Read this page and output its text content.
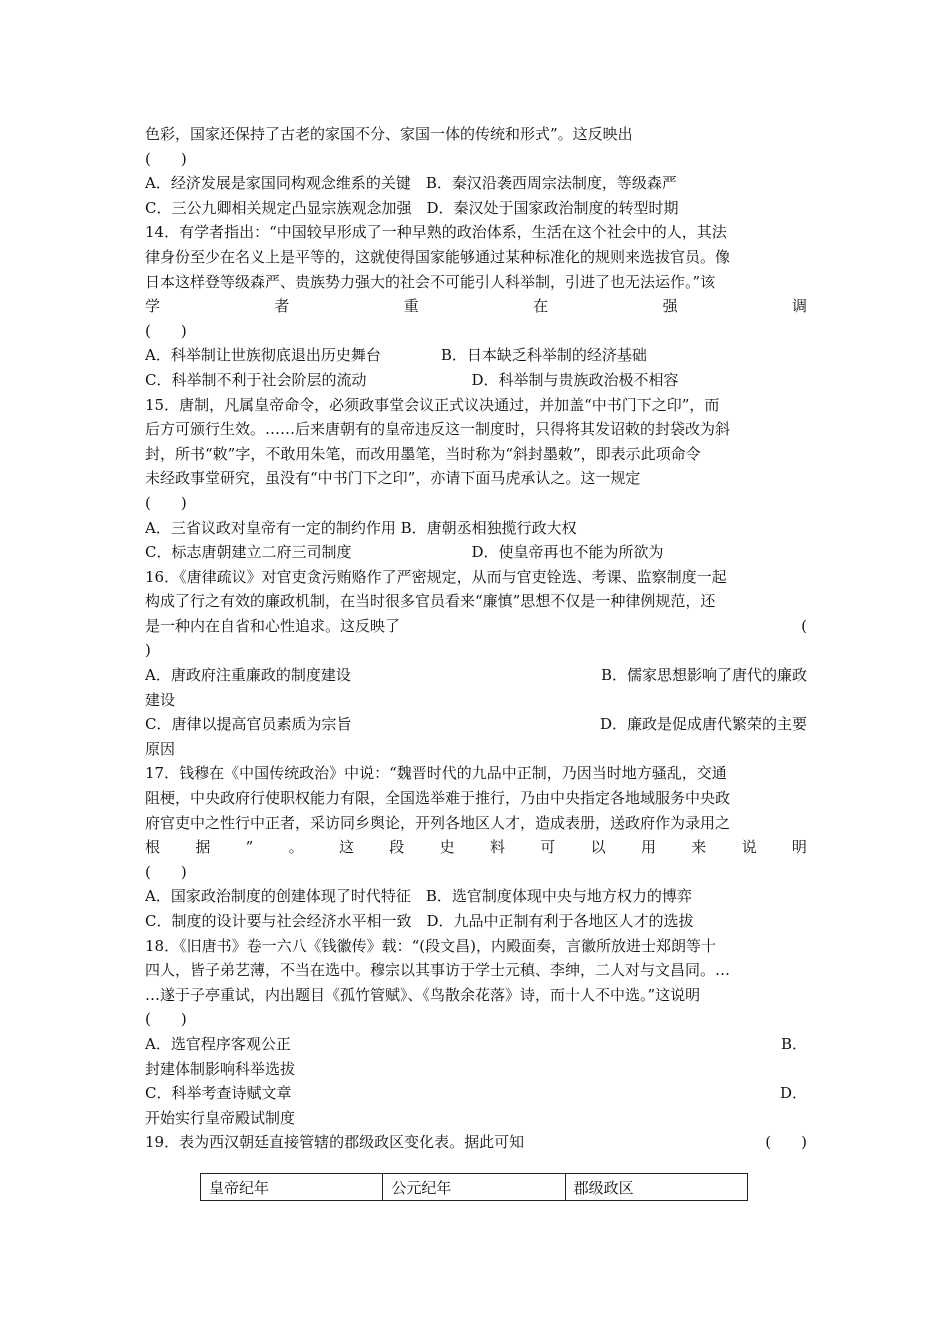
色彩，国家还保持了古老的家国不分、家国一体的传统和形式”。这反映出
(　　)
A．经济发展是家国同构观念维系的关键　B．秦汉沿袭西周宗法制度，等级森严
C．三公九卿相关规定凸显宗族观念加强　D．秦汉处于国家政治制度的转型时期
14．有学者指出：“中国较早形成了一种早熟的政治体系，生活在这个社会中的人，其法
律身份至少在名义上是平等的，这就使得国家能够通过某种标准化的规则来选拔官员。像
日本这样登等级森严、贵族势力强大的社会不可能引人科举制，引进了也无法运作。”该
学	者	重	在	强	调
(　　)
A．科举制让世族彻底退出历史舞台　　　　B．日本缺乏科举制的经济基础
C．科举制不利于社会阶层的流动　　　　　　　D．科举制与贵族政治极不相容
15．唐制，凡属皇帝命令，必须政事堂会议正式议决通过，并加盖“中书门下之印”，而
后方可颁行生效。……后来唐朝有的皇帝违反这一制度时，只得将其发诏敕的封袋改为斜
封，所书“敕”字，不敢用朱笔，而改用墨笔，当时称为“斜封墨敕”，即表示此项命令
未经政事堂研究，虽没有“中书门下之印”，亦请下面马虎承认之。这一规定
(　　)
A．三省议政对皇帝有一定的制约作用 B．唐朝丞相独揽行政大权
C．标志唐朝建立二府三司制度　　　　　　　　D．使皇帝再也不能为所欲为
16．《唐律疏议》对官吏贪污贿赂作了严密规定，从而与官吏铨选、考课、监察制度一起
构成了行之有效的廉政机制，在当时很多官员看来“廉慎”思想不仅是一种律例规范，还
是一种内在自省和心性追求。这反映了	(
)
A．唐政府注重廉政的制度建设	B．儒家思想影响了唐代的廉政
建设
C．唐律以提高官员素质为宗旨	D．廉政是促成唐代繁荣的主要
原因
17．钱穆在《中国传统政治》中说：“魏晋时代的九品中正制，乃因当时地方骚乱，交通
阻梗，中央政府行使职权能力有限，全国选举难于推行，乃由中央指定各地域服务中央政
府官吏中之性行中正者，采访同乡舆论，开列各地区人才，造成表册，送政府作为录用之
根 据 ” 。 这 段 史 料 可 以 用 来 说 明
(　　)
A．国家政治制度的创建体现了时代特征　B．选官制度体现中央与地方权力的博弈
C．制度的设计要与社会经济水平相一致　D．九品中正制有利于各地区人才的选拔
18．《旧唐书》卷一六八《钱徽传》载：“(段文昌)，内殿面奏，言徽所放进士郑朗等十
四人，皆子弟艺薄，不当在选中。穆宗以其事访于学士元稹、李绅，二人对与文昌同。…
…遂于子亭重试，内出题目《孤竹管赋》、《鸟散余花落》诗，而十人不中选。”这说明
(　　)
A．选官程序客观公正	B．
封建体制影响科举选拔
C．科举考查诗赋文章	D．
开始实行皇帝殿试制度
19．表为西汉朝廷直接管辖的郡级政区变化表。据此可知	(　　)
皇帝纪年	公元纪年	郡级政区
